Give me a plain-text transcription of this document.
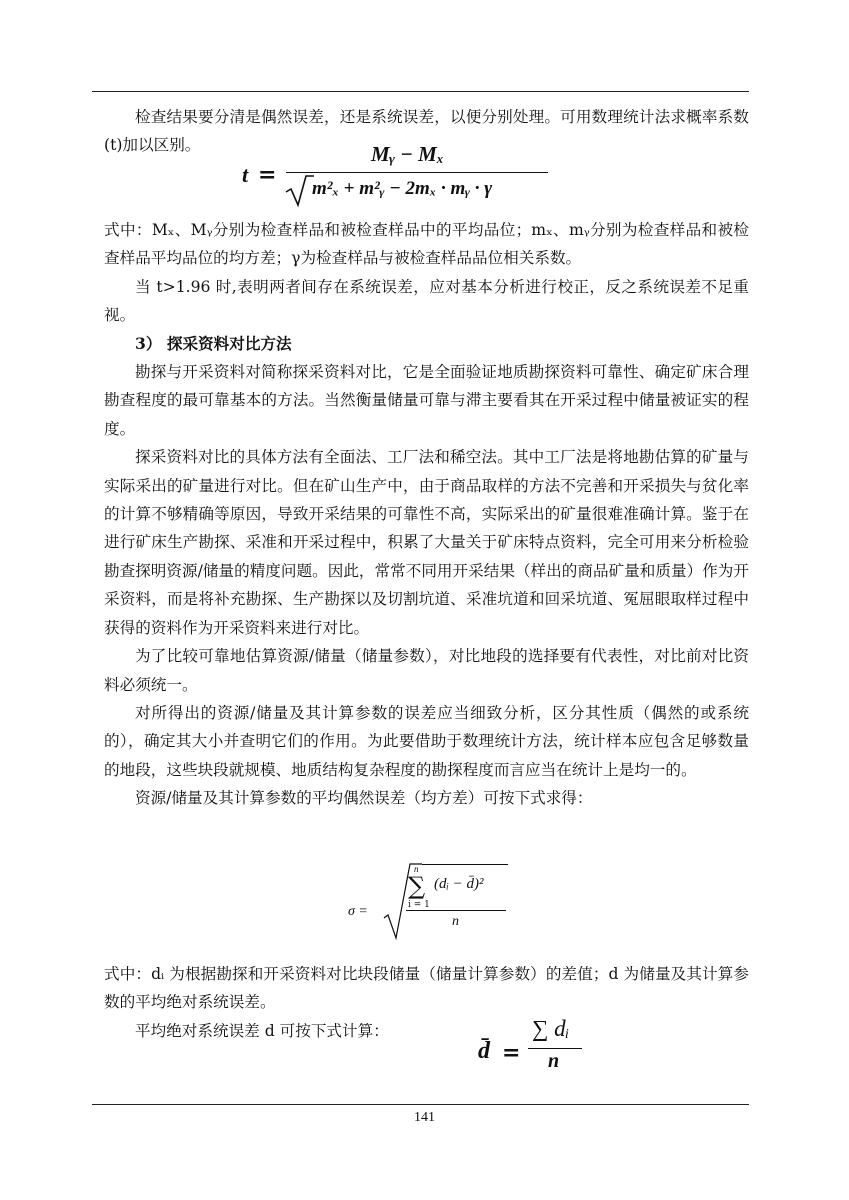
检查结果要分清是偶然误差，还是系统误差，以便分别处理。可用数理统计法求概率系数(t)加以区别。

t =
Mᵧ − Mₓ
m²ₓ + m²ᵧ − 2mₓ · mᵧ · γ

式中：Mₓ、Mᵧ分别为检查样品和被检查样品中的平均品位；mₓ、mᵧ分别为检查样品和被检查样品平均品位的均方差；γ为检查样品与被检查样品品位相关系数。

当 t>1.96 时,表明两者间存在系统误差，应对基本分析进行校正，反之系统误差不足重视。

3） 探采资料对比方法

勘探与开采资料对简称探采资料对比，它是全面验证地质勘探资料可靠性、确定矿床合理勘查程度的最可靠基本的方法。当然衡量储量可靠与滞主要看其在开采过程中储量被证实的程度。

探采资料对比的具体方法有全面法、工厂法和稀空法。其中工厂法是将地勘估算的矿量与实际采出的矿量进行对比。但在矿山生产中，由于商品取样的方法不完善和开采损失与贫化率的计算不够精确等原因，导致开采结果的可靠性不高，实际采出的矿量很难准确计算。鉴于在进行矿床生产勘探、采准和开采过程中，积累了大量关于矿床特点资料，完全可用来分析检验勘查探明资源/储量的精度问题。因此，常常不同用开采结果（样出的商品矿量和质量）作为开采资料，而是将补充勘探、生产勘探以及切割坑道、采准坑道和回采坑道、冤屈眼取样过程中获得的资料作为开采资料来进行对比。

为了比较可靠地估算资源/储量（储量参数），对比地段的选择要有代表性，对比前对比资料必须统一。

对所得出的资源/储量及其计算参数的误差应当细致分析，区分其性质（偶然的或系统的），确定其大小并查明它们的作用。为此要借助于数理统计方法，统计样本应包含足够数量的地段，这些块段就规模、地质结构复杂程度的勘探程度而言应当在统计上是均一的。

资源/储量及其计算参数的平均偶然误差（均方差）可按下式求得：

σ =
n
∑
i = 1
(dᵢ − d̄)²
n

式中：dᵢ 为根据勘探和开采资料对比块段储量（储量计算参数）的差值；d 为储量及其计算参数的平均绝对系统误差。

平均绝对系统误差 d 可按下式计算：

d̄ =
∑ dᵢ
n
141
